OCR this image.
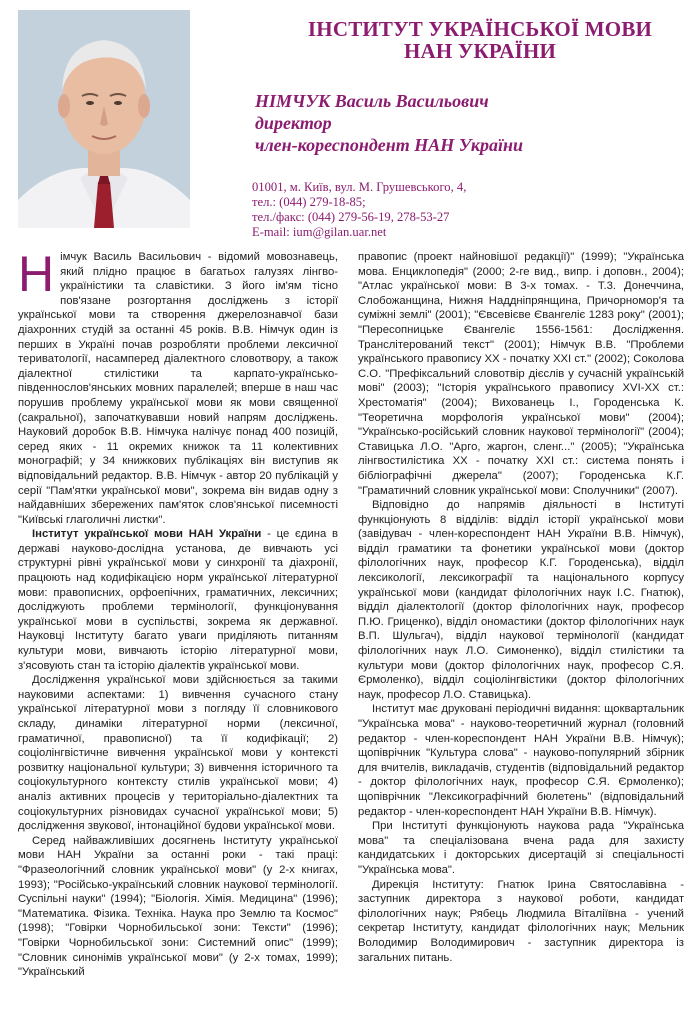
ІНСТИТУТ УКРАЇНСЬКОЇ МОВИ
НАН УКРАЇНИ
НІМЧУК Василь Васильович
директор
член-кореспондент НАН України
01001, м. Київ, вул. М. Грушевського, 4,
тел.: (044) 279-18-85;
тел./факс: (044) 279-56-19, 278-53-27
E-mail: ium@gilan.uar.net

Німчук Василь Васильович - відомий мовознавець, який плідно працює в багатьох галузях лінгво-україністики та славістики. З його ім'ям тісно пов'язане розгортання досліджень з історії української мови та створення джерелознавчої бази діахронних студій за останні 45 років. В.В. Німчук один із перших в Україні почав розробляти проблеми лексичної териватології, насамперед діалектного словотвору, а також діалектної стилістики та карпато-українсько-південнослов'янських мовних паралелей; вперше в наш час порушив проблему української мови як мови священної (сакральної), започаткувавши новий напрям досліджень. Науковий доробок В.В. Німчука налічує понад 400 позицій, серед яких - 11 окремих книжок та 11 колективних монографій; у 34 книжкових публікаціях він виступив як відповідальний редактор. В.В. Німчук - автор 20 публікацій у серії "Пам'ятки української мови", зокрема він видав одну з найдавніших збережених пам'яток слов'янської писемності "Київські глаголичні листки".

Інститут української мови НАН України - це єдина в державі науково-дослідна установа, де вивчають усі структурні рівні української мови у синхронії та діахронії, працюють над кодифікацією норм української літературної мови: правописних, орфоепічних, граматичних, лексичних; досліджують проблеми термінології, функціонування української мови в суспільстві, зокрема як державної. Науковці Інституту багато уваги приділяють питанням культури мови, вивчають історію літературної мови, з'ясовують стан та історію діалектів української мови.

Дослідження української мови здійснюється за такими науковими аспектами: 1) вивчення сучасного стану української літературної мови з погляду її словникового складу, динаміки літературної норми (лексичної, граматичної, правописної) та її кодифікації; 2) соціолінгвістичне вивчення української мови у контексті розвитку національної культури; 3) вивчення історичного та соціокультурного контексту стилів української мови; 4) аналіз активних процесів у територіально-діалектних та соціокультурних різновидах сучасної української мови; 5) дослідження звукової, інтонаційної будови української мови.

Серед найважливіших досягнень Інституту української мови НАН України за останні роки - такі праці: "Фразеологічний словник української мови" (у 2-х книгах, 1993); "Російсько-український словник наукової термінології. Суспільні науки" (1994); "Біологія. Хімія. Медицина" (1996); "Математика. Фізика. Техніка. Наука про Землю та Космос" (1998); "Говірки Чорнобильської зони: Тексти" (1996); "Говірки Чорнобильської зони: Системний опис" (1999); "Словник синонімів української мови" (у 2-х томах, 1999); "Український

правопис (проект найновішої редакції)" (1999); "Українська мова. Енциклопедія" (2000; 2-ге вид., випр. і доповн., 2004); "Атлас української мови: В 3-х томах. - Т.3. Донеччина, Слобожанщина, Нижня Наддніпрянщина, Причорномор'я та суміжні землі" (2001); "Євсевієве Євангеліє 1283 року" (2001); "Пересопницьке Євангеліє 1556-1561: Дослідження. Транслітерований текст" (2001); Німчук В.В. "Проблеми українського правопису XX - початку XXI ст." (2002); Соколова С.О. "Префіксальний словотвір дієслів у сучасній українській мові" (2003); "Історія українського правопису XVI-XX ст.: Хрестоматія" (2004); Вихованець І., Городенська К. "Теоретична морфологія української мови" (2004); "Українсько-російський словник наукової термінології" (2004); Ставицька Л.О. "Арго, жаргон, сленг..." (2005); "Українська лінгвостилістика XX - початку XXI ст.: система понять і бібліографічні джерела" (2007); Городенська К.Г. "Граматичний словник української мови: Сполучники" (2007).

Відповідно до напрямів діяльності в Інституті функціонують 8 відділів: відділ історії української мови (завідувач - член-кореспондент НАН України В.В. Німчук), відділ граматики та фонетики української мови (доктор філологічних наук, професор К.Г. Городенська), відділ лексикології, лексикографії та національного корпусу української мови (кандидат філологічних наук І.С. Гнатюк), відділ діалектології (доктор філологічних наук, професор П.Ю. Гриценко), відділ ономастики (доктор філологічних наук В.П. Шульгач), відділ наукової термінології (кандидат філологічних наук Л.О. Симоненко), відділ стилістики та культури мови (доктор філологічних наук, професор С.Я. Єрмоленко), відділ соціолінгвістики (доктор філологічних наук, професор Л.О. Ставицька).

Інститут має друковані періодичні видання: щоквартальник "Українська мова" - науково-теоретичний журнал (головний редактор - член-кореспондент НАН України В.В. Німчук); щопіврічник "Культура слова" - науково-популярний збірник для вчителів, викладачів, студентів (відповідальний редактор - доктор філологічних наук, професор С.Я. Єрмоленко); щопіврічник "Лексикографічний бюлетень" (відповідальний редактор - член-кореспондент НАН України В.В. Німчук).

При Інституті функціонують наукова рада "Українська мова" та спеціалізована вчена рада для захисту кандидатських і докторських дисертацій зі спеціальності "Українська мова".

Дирекція Інституту: Гнатюк Ірина Святославівна - заступник директора з наукової роботи, кандидат філологічних наук; Рябець Людмила Віталіївна - учений секретар Інституту, кандидат філологічних наук; Мельник Володимир Володимирович - заступник директора із загальних питань.
